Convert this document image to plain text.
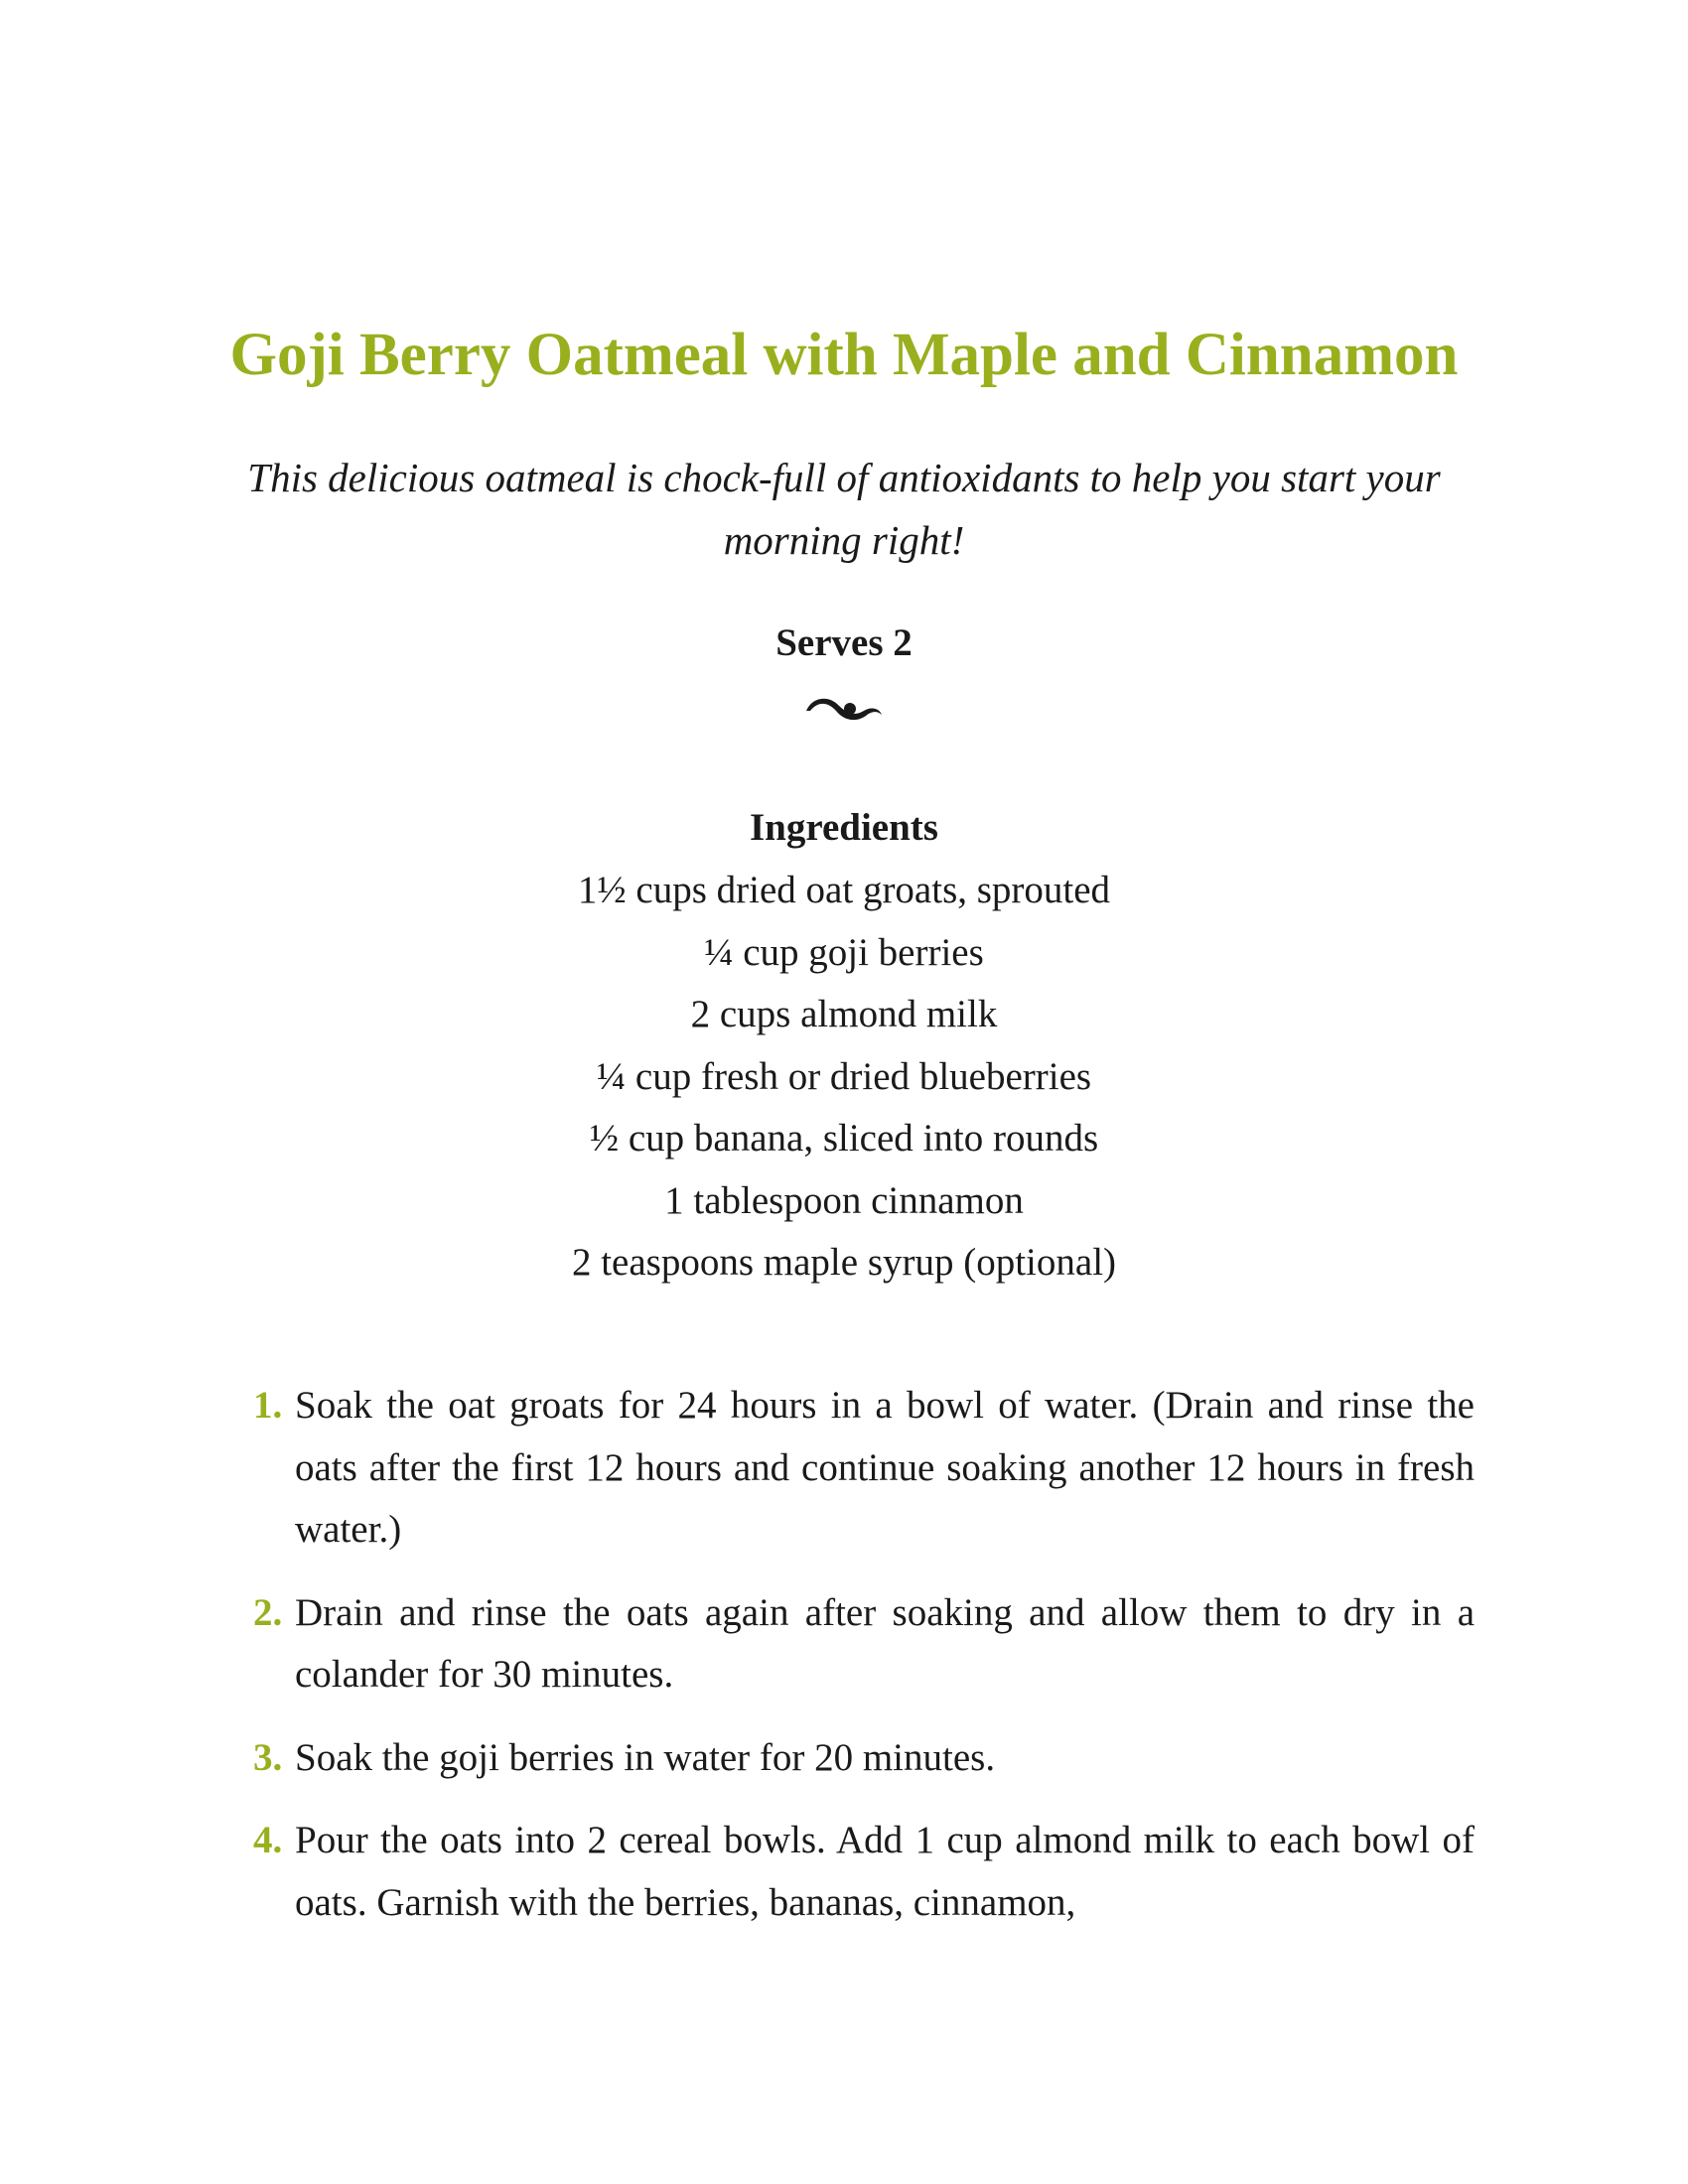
Goji Berry Oatmeal with Maple and Cinnamon

This delicious oatmeal is chock-full of antioxidants to help you start your morning right!

Serves 2

Ingredients
1½ cups dried oat groats, sprouted
¼ cup goji berries
2 cups almond milk
¼ cup fresh or dried blueberries
½ cup banana, sliced into rounds
1 tablespoon cinnamon
2 teaspoons maple syrup (optional)
1. Soak the oat groats for 24 hours in a bowl of water. (Drain and rinse the oats after the first 12 hours and continue soaking another 12 hours in fresh water.)
2. Drain and rinse the oats again after soaking and allow them to dry in a colander for 30 minutes.
3. Soak the goji berries in water for 20 minutes.
4. Pour the oats into 2 cereal bowls. Add 1 cup almond milk to each bowl of oats. Garnish with the berries, bananas, cinnamon,
